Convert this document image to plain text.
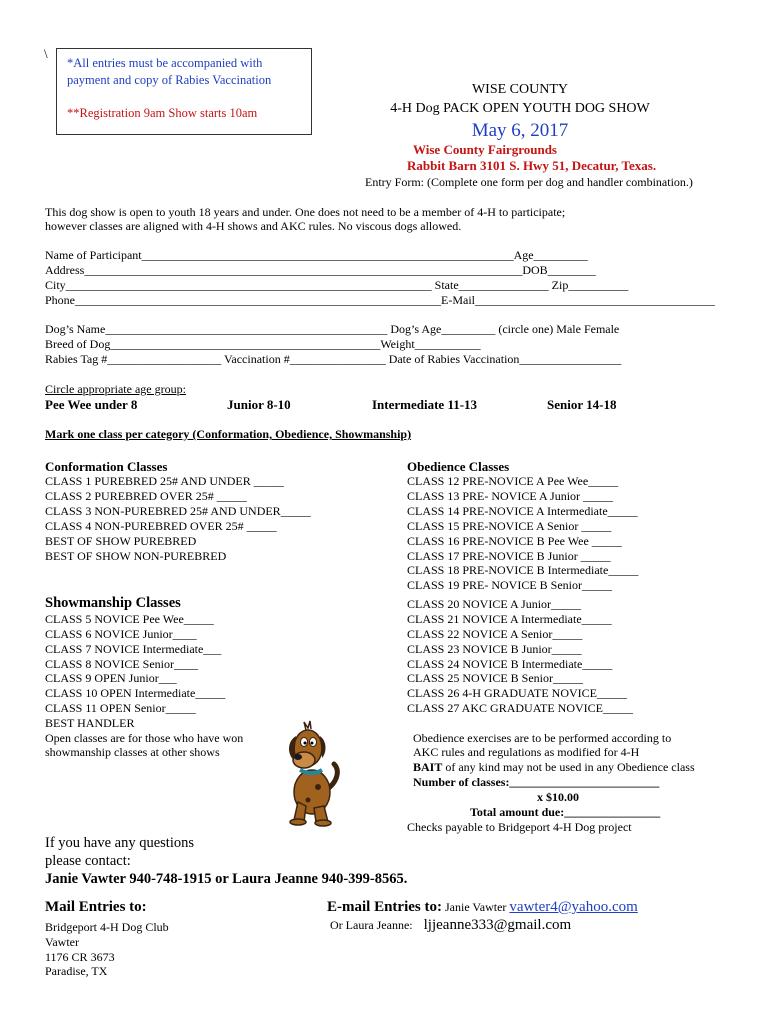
\
*All entries must be accompanied with
payment and copy of Rabies Vaccination
**Registration 9am Show starts 10am
WISE COUNTY
4-H Dog PACK OPEN YOUTH DOG SHOW
May 6, 2017
Wise County Fairgrounds
Rabbit Barn 3101 S. Hwy 51, Decatur, Texas.
Entry Form: (Complete one form per dog and handler combination.)
This dog show is open to youth 18 years and under. One does not need to be a member of 4-H to participate;
however classes are aligned with 4-H shows and AKC rules. No viscous dogs allowed.
Name of Participant______________________________________________________________Age_________
Address_________________________________________________________________________DOB________
City_____________________________________________________________ State_______________ Zip__________
Phone_____________________________________________________________E-Mail________________________________________
Dog’s Name_______________________________________________ Dog’s Age_________ (circle one) Male Female
Breed of Dog_____________________________________________Weight___________
Rabies Tag #___________________ Vaccination #________________ Date of Rabies Vaccination_________________
Circle appropriate age group:
Pee Wee under 8	Junior 8-10	Intermediate 11-13	Senior 14-18
Mark one class per category (Conformation, Obedience, Showmanship)
Conformation Classes
CLASS 1 PUREBRED 25# AND UNDER _____
CLASS 2 PUREBRED OVER 25# _____
CLASS 3 NON-PUREBRED 25# AND UNDER_____
CLASS 4 NON-PUREBRED OVER 25# _____
BEST OF SHOW PUREBRED
BEST OF SHOW NON-PUREBRED
Showmanship Classes
CLASS 5 NOVICE Pee Wee_____
CLASS 6 NOVICE Junior____
CLASS 7 NOVICE Intermediate___
CLASS 8 NOVICE Senior____
CLASS 9 OPEN Junior___
CLASS 10 OPEN Intermediate_____
CLASS 11 OPEN Senior_____
BEST HANDLER
Open classes are for those who have won
showmanship classes at other shows
Obedience Classes
CLASS 12 PRE-NOVICE A Pee Wee_____
CLASS 13 PRE- NOVICE A Junior _____
CLASS 14 PRE-NOVICE A Intermediate_____
CLASS 15 PRE-NOVICE A Senior _____
CLASS 16 PRE-NOVICE B Pee Wee _____
CLASS 17 PRE-NOVICE B Junior _____
CLASS 18 PRE-NOVICE B Intermediate_____
CLASS 19 PRE- NOVICE B Senior_____
CLASS 20 NOVICE A Junior_____
CLASS 21 NOVICE A Intermediate_____
CLASS 22 NOVICE A Senior_____
CLASS 23 NOVICE B Junior_____
CLASS 24 NOVICE B Intermediate_____
CLASS 25 NOVICE B Senior_____
CLASS 26 4-H GRADUATE NOVICE_____
CLASS 27 AKC GRADUATE NOVICE_____
Obedience exercises are to be performed according to
AKC rules and regulations as modified for 4-H
BAIT of any kind may not be used in any Obedience class
Number of classes:_________________________
x $10.00
Total amount due:________________
Checks payable to Bridgeport 4-H Dog project
If you have any questions
please contact:
Janie Vawter 940-748-1915 or Laura Jeanne 940-399-8565.
Mail Entries to:
Bridgeport 4-H Dog Club
Vawter
1176 CR 3673
Paradise, TX
E-mail Entries to: Janie Vawter vawter4@yahoo.com
Or Laura Jeanne: ljjeanne333@gmail.com
